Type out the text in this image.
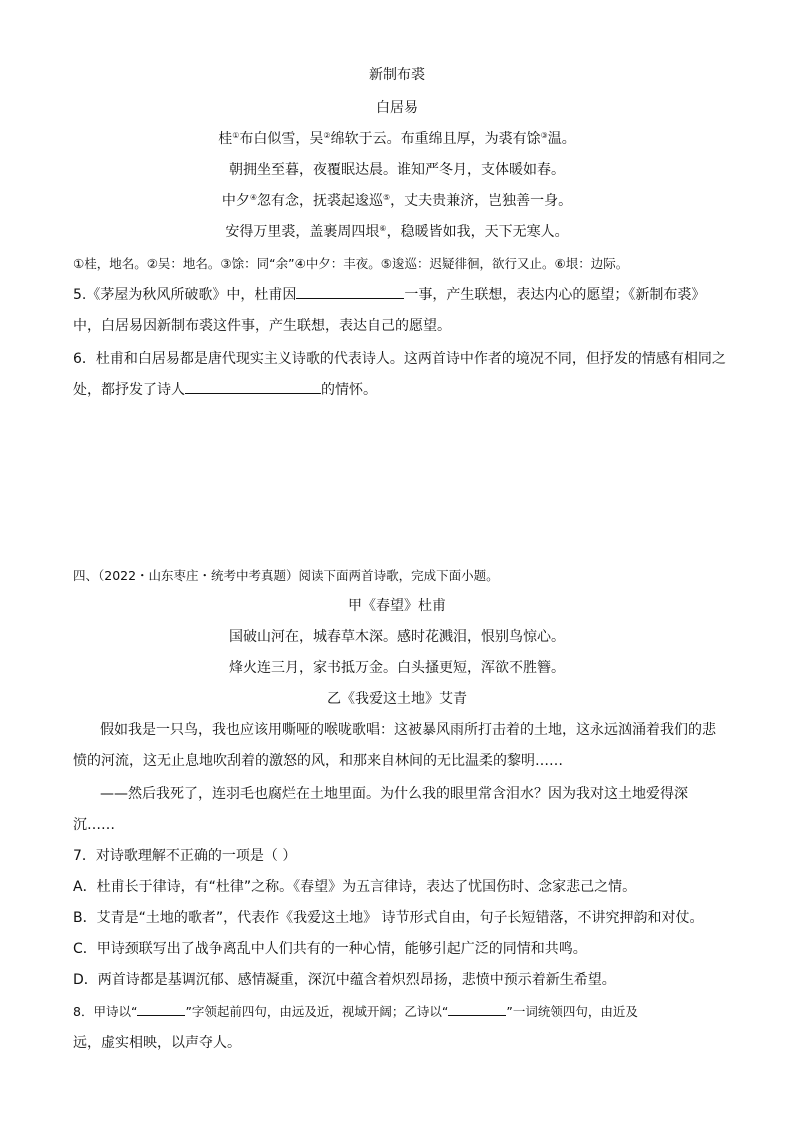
新制布裘
白居易
桂①布白似雪，吴②绵软于云。布重绵且厚，为裘有馀③温。
朝拥坐至暮，夜覆眠达晨。谁知严冬月，支体暖如春。
中夕④忽有念，抚裘起逡巡⑤，丈夫贵兼济，岂独善一身。
安得万里裘，盖裹周四垠⑥，稳暖皆如我，天下无寒人。
①桂，地名。②吴：地名。③馀：同“余”④中夕：丰夜。⑤逡巡：迟疑徘徊，欲行又止。⑥垠：边际。
5.《茅屋为秋风所破歌》中，杜甫因	一事，产生联想，表达内心的愿望；《新制布裘》
中，白居易因新制布裘这件事，产生联想，表达自己的愿望。
6．杜甫和白居易都是唐代现实主义诗歌的代表诗人。这两首诗中作者的境况不同，但抒发的情感有相同之
处，都抒发了诗人	的情怀。
四、（2022・山东枣庄・统考中考真题）阅读下面两首诗歌，完成下面小题。
甲《春望》杜甫
国破山河在，城春草木深。感时花溅泪，恨别鸟惊心。
烽火连三月，家书抵万金。白头搔更短，浑欲不胜簪。
乙《我爱这土地》艾青
假如我是一只鸟，我也应该用嘶哑的喉咙歌唱：这被暴风雨所打击着的土地，这永远汹涌着我们的悲
愤的河流，这无止息地吹刮着的激怒的风，和那来自林间的无比温柔的黎明……
——然后我死了，连羽毛也腐烂在土地里面。为什么我的眼里常含泪水？因为我对这土地爱得深
沉……
7．对诗歌理解不正确的一项是（ ）
A．杜甫长于律诗，有“杜律”之称。《春望》为五言律诗，表达了忧国伤时、念家悲己之情。
B．艾青是“土地的歌者”，代表作《我爱这土地》 诗节形式自由，句子长短错落，不讲究押韵和对仗。
C．甲诗颈联写出了战争离乱中人们共有的一种心情，能够引起广泛的同情和共鸣。
D．两首诗都是基调沉郁、感情凝重，深沉中蕴含着炽烈昂扬，悲愤中预示着新生希望。
8．甲诗以“	”字领起前四句，由远及近，视域开阔；乙诗以“	”一词统领四句，由近及
远，虚实相映，以声夺人。
